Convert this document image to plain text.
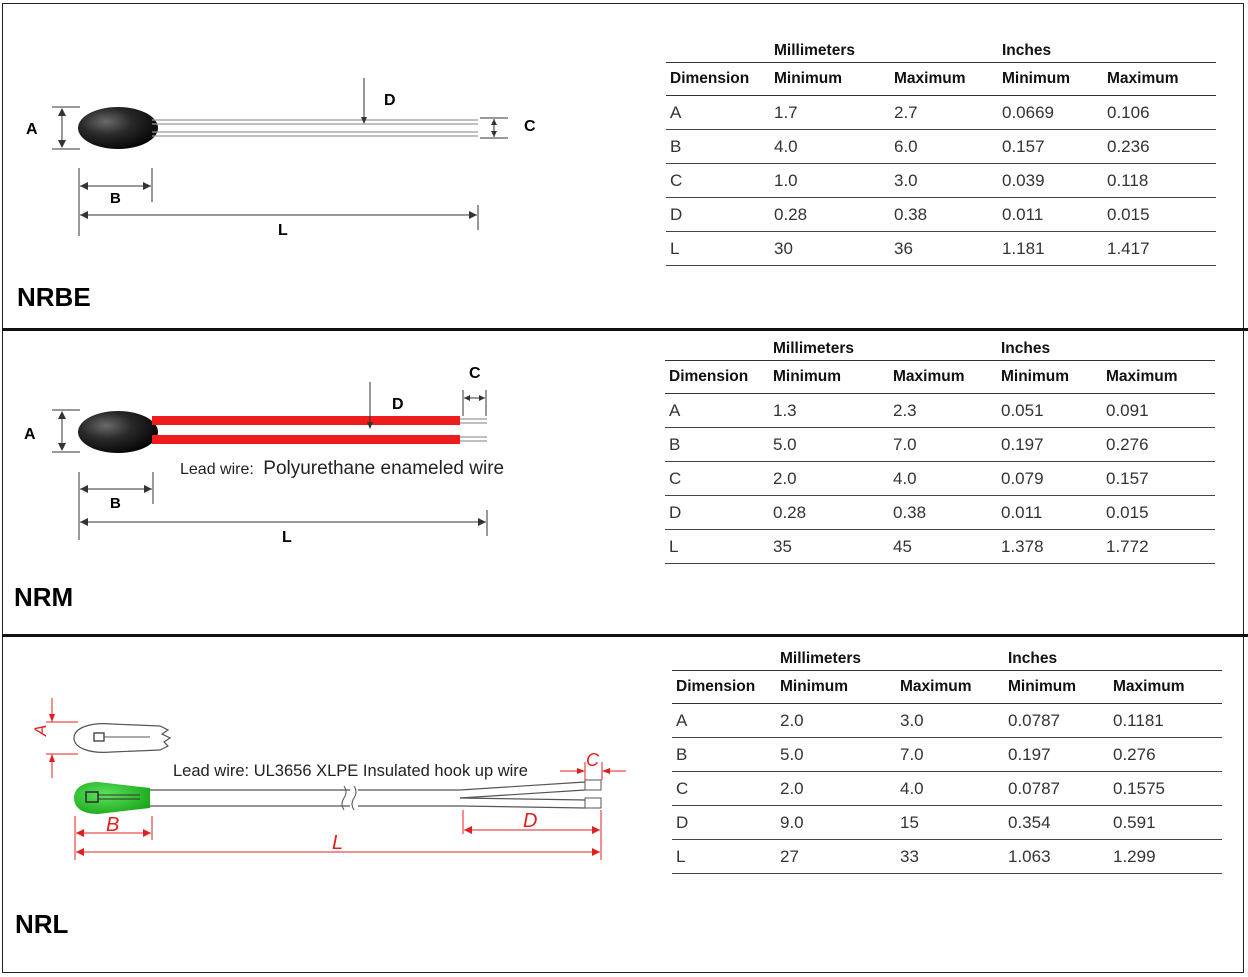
A
D
C
B
L
NRBE
	Millimeters		Inches	
Dimension	Minimum	Maximum	Minimum	Maximum
A	1.7	2.7	0.0669	0.106
B	4.0	6.0	0.157	0.236
C	1.0	3.0	0.039	0.118
D	0.28	0.38	0.011	0.015
L	30	36	1.181	1.417
A
D
C
Lead wire: Polyurethane enameled wire
B
L
NRM
	Millimeters		Inches	
Dimension	Minimum	Maximum	Minimum	Maximum
A	1.3	2.3	0.051	0.091
B	5.0	7.0	0.197	0.276
C	2.0	4.0	0.079	0.157
D	0.28	0.38	0.011	0.015
L	35	45	1.378	1.772
A
Lead wire: UL3656 XLPE Insulated hook up wire
C
B	D
L
NRL
	Millimeters		Inches	
Dimension	Minimum	Maximum	Minimum	Maximum
A	2.0	3.0	0.0787	0.1181
B	5.0	7.0	0.197	0.276
C	2.0	4.0	0.0787	0.1575
D	9.0	15	0.354	0.591
L	27	33	1.063	1.299
